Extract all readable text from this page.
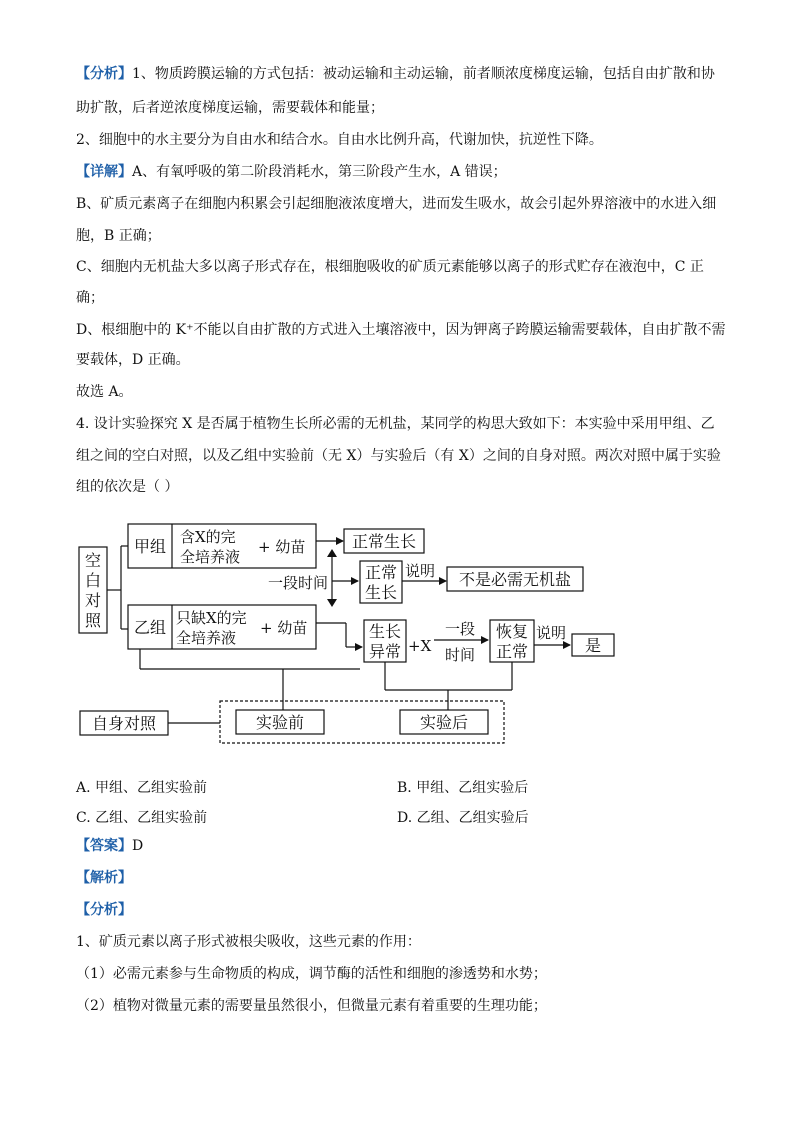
【分析】1、物质跨膜运输的方式包括：被动运输和主动运输，前者顺浓度梯度运输，包括自由扩散和协
助扩散，后者逆浓度梯度运输，需要载体和能量；
2、细胞中的水主要分为自由水和结合水。自由水比例升高，代谢加快，抗逆性下降。
【详解】A、有氧呼吸的第二阶段消耗水，第三阶段产生水，A 错误；
B、矿质元素离子在细胞内积累会引起细胞液浓度增大，进而发生吸水，故会引起外界溶液中的水进入细
胞，B 正确；
C、细胞内无机盐大多以离子形式存在，根细胞吸收的矿质元素能够以离子的形式贮存在液泡中，C 正
确；
D、根细胞中的 K⁺不能以自由扩散的方式进入土壤溶液中，因为钾离子跨膜运输需要载体，自由扩散不需
要载体，D 正确。
故选 A。
4. 设计实验探究 X 是否属于植物生长所必需的无机盐，某同学的构思大致如下：本实验中采用甲组、乙
组之间的空白对照，以及乙组中实验前（无 X）与实验后（有 X）之间的自身对照。两次对照中属于实验
组的依次是（ ）
空
白
对
照
甲组 含X的完
全培养液
+ 幼苗	正常生长
一段时间
正常
生长
说明 不是必需无机盐
乙组 只缺X的完
全培养液
+ 幼苗	生长
异常 +X
一段
时间
恢复
正常
说明
是
自身对照	实验前	实验后
A. 甲组、乙组实验前	B. 甲组、乙组实验后
C. 乙组、乙组实验前	D. 乙组、乙组实验后
【答案】D
【解析】
【分析】
1、矿质元素以离子形式被根尖吸收，这些元素的作用：
（1）必需元素参与生命物质的构成，调节酶的活性和细胞的渗透势和水势；
（2）植物对微量元素的需要量虽然很小，但微量元素有着重要的生理功能；
